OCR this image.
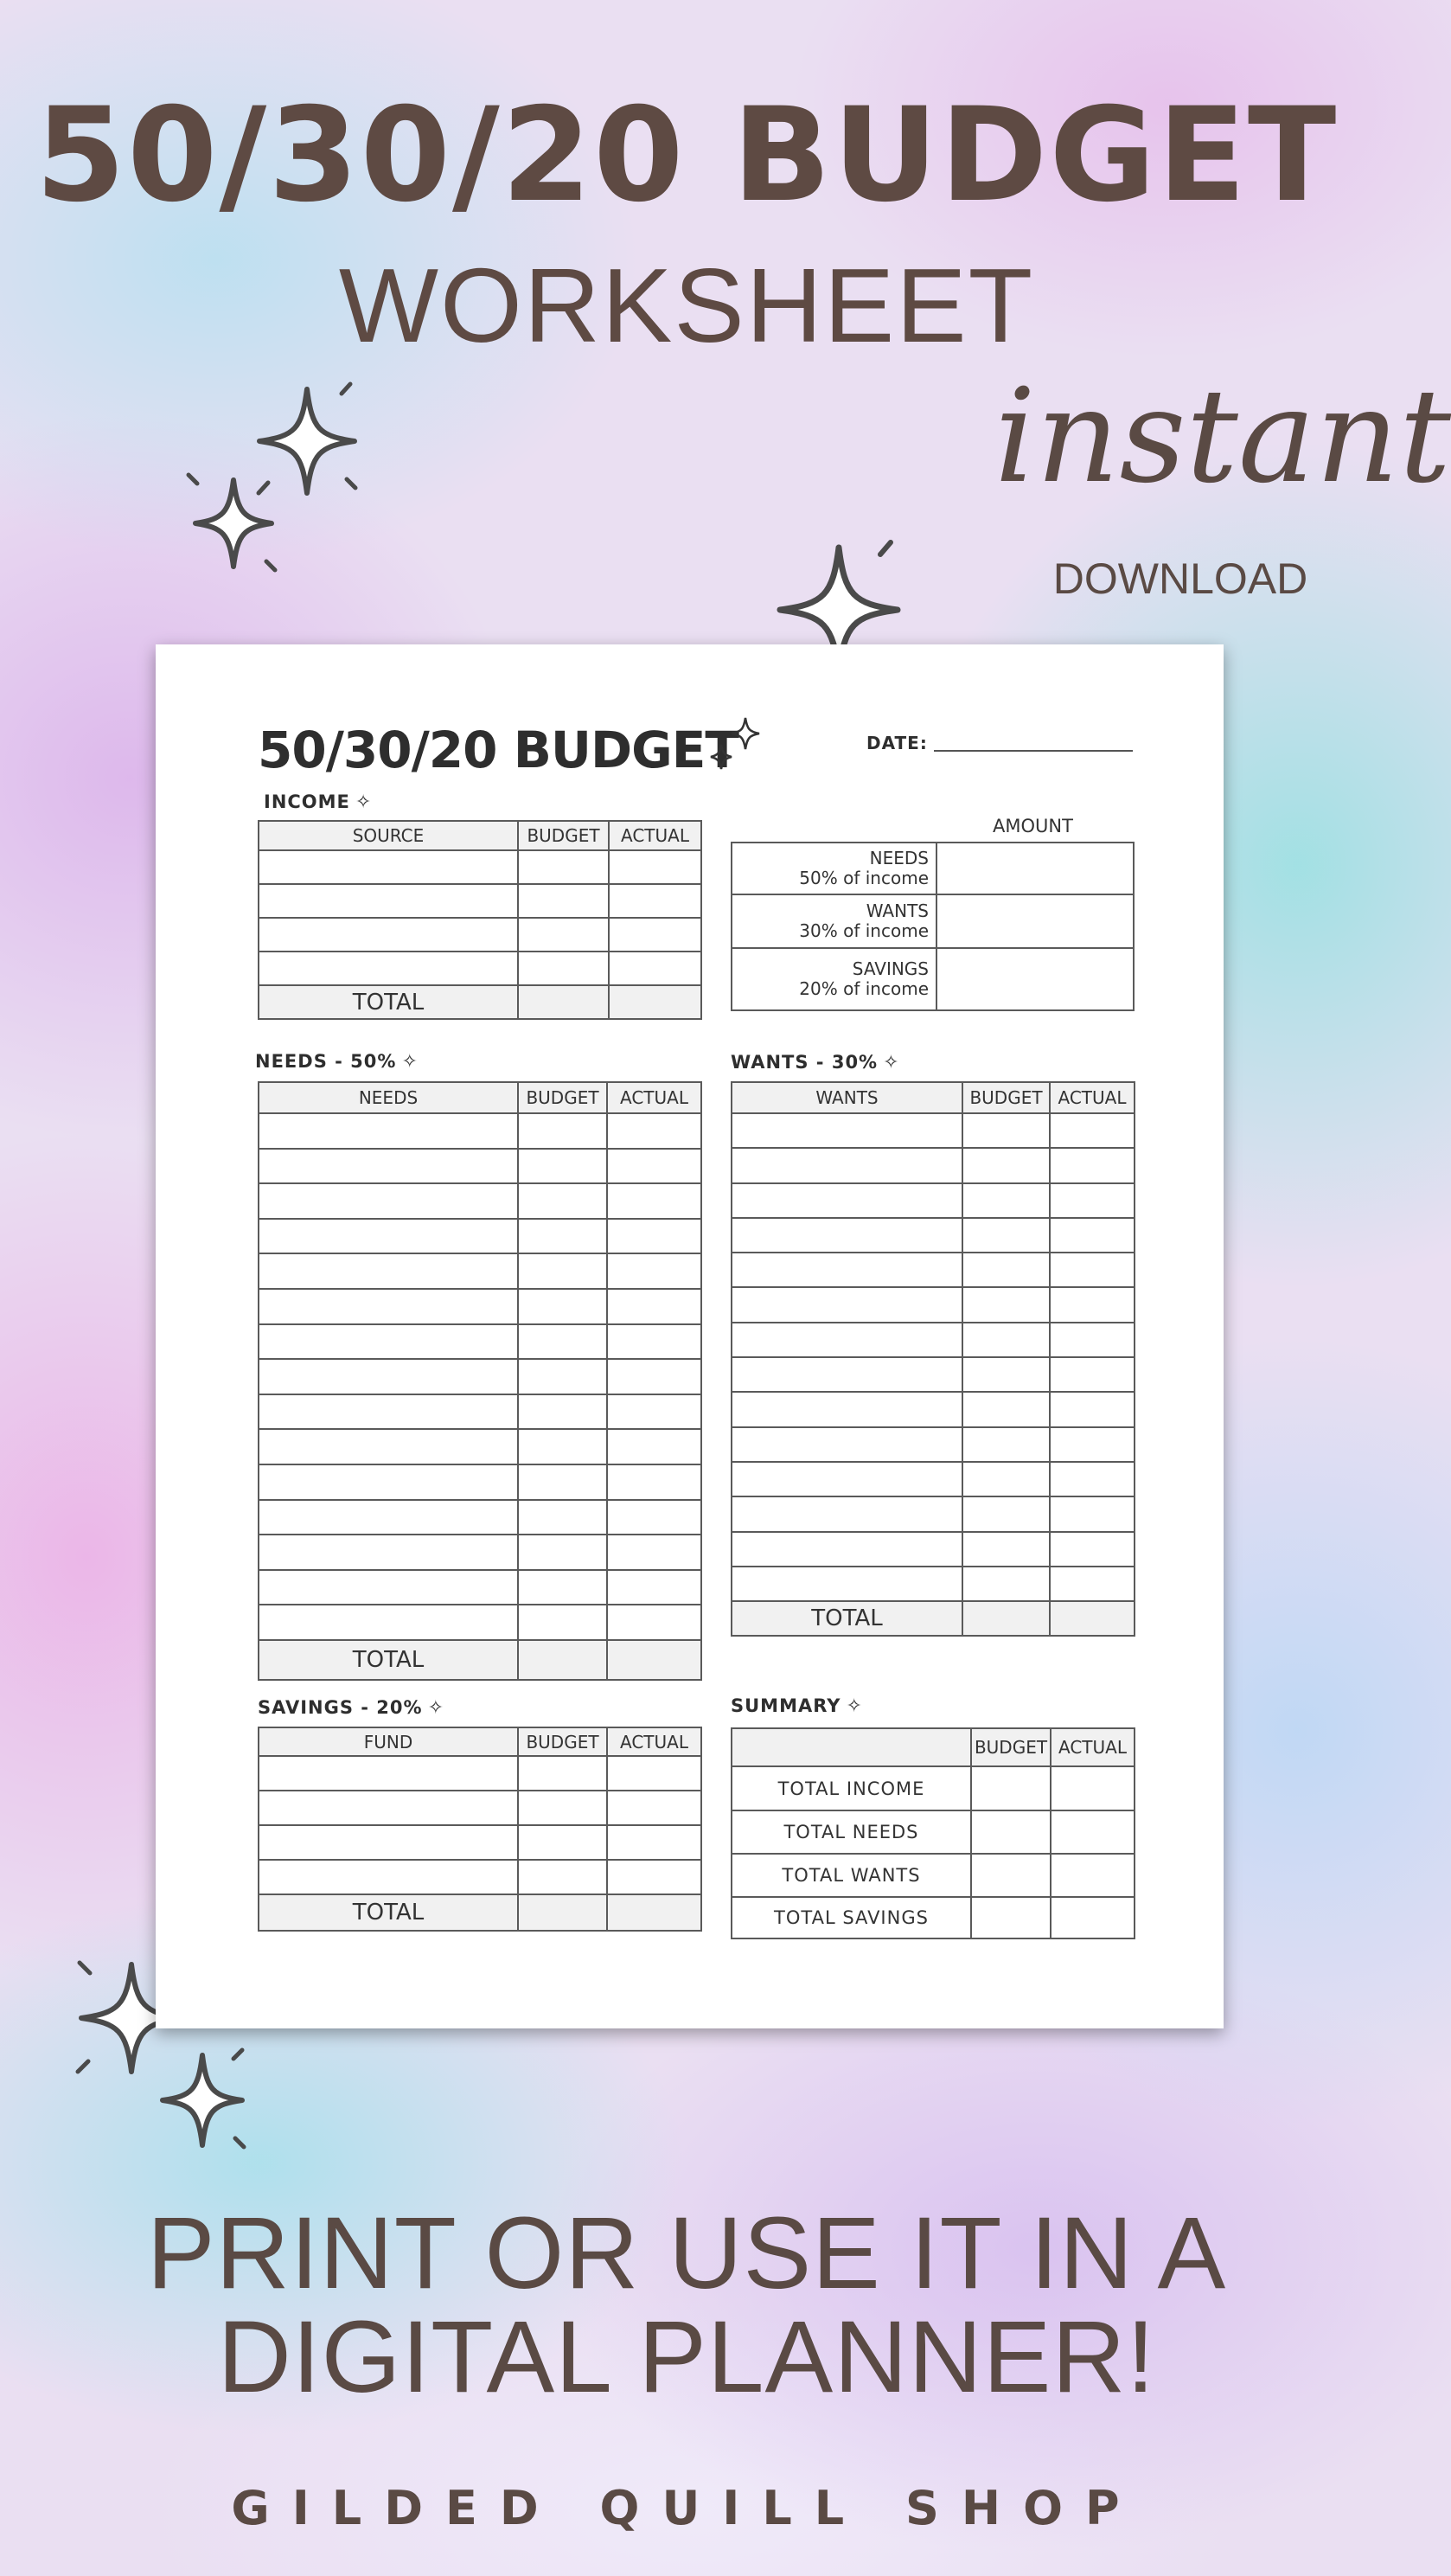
50/30/20 BUDGET
WORKSHEET
instant
DOWNLOAD
50/30/20 BUDGET	DATE:
INCOME ✧
SOURCE	BUDGET	ACTUAL

TOTAL		
AMOUNT
NEEDS
50% of income	

WANTS
30% of income	

SAVINGS
20% of income	

NEEDS - 50% ✧
NEEDS	BUDGET	ACTUAL

TOTAL		
WANTS - 30% ✧
WANTS	BUDGET	ACTUAL

TOTAL		
SAVINGS - 20% ✧
FUND	BUDGET	ACTUAL

TOTAL		
SUMMARY ✧
	BUDGET	ACTUAL
TOTAL INCOME		
TOTAL NEEDS		
TOTAL WANTS		
TOTAL SAVINGS		
PRINT OR USE IT IN A
DIGITAL PLANNER!
GILDED QUILL SHOP
